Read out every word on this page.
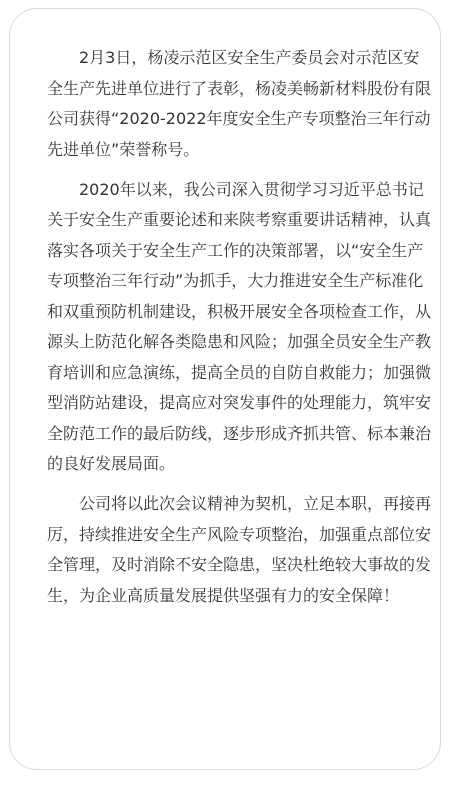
2月3日，杨凌示范区安全生产委员会对示范区安全生产先进单位进行了表彰，杨凌美畅新材料股份有限公司获得“2020-2022年度安全生产专项整治三年行动先进单位”荣誉称号。

2020年以来，我公司深入贯彻学习习近平总书记关于安全生产重要论述和来陕考察重要讲话精神，认真落实各项关于安全生产工作的决策部署，以“安全生产专项整治三年行动”为抓手，大力推进安全生产标准化和双重预防机制建设，积极开展安全各项检查工作，从源头上防范化解各类隐患和风险；加强全员安全生产教育培训和应急演练，提高全员的自防自救能力；加强微型消防站建设，提高应对突发事件的处理能力，筑牢安全防范工作的最后防线，逐步形成齐抓共管、标本兼治的良好发展局面。

公司将以此次会议精神为契机，立足本职，再接再厉，持续推进安全生产风险专项整治，加强重点部位安全管理，及时消除不安全隐患，坚决杜绝较大事故的发生，为企业高质量发展提供坚强有力的安全保障！
